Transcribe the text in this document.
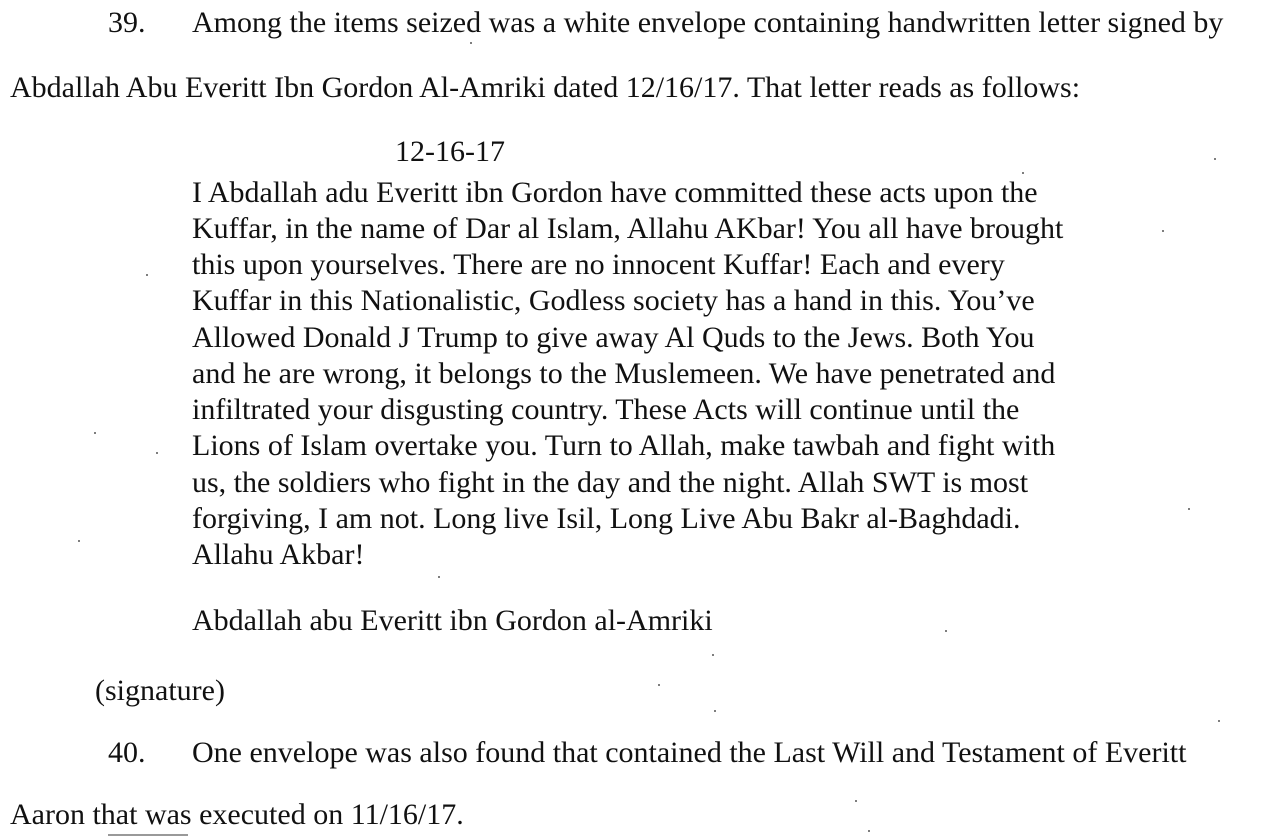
39. Among the items seized was a white envelope containing handwritten letter signed by
Abdallah Abu Everitt Ibn Gordon Al-Amriki dated 12/16/17. That letter reads as follows:
12-16-17
I Abdallah adu Everitt ibn Gordon have committed these acts upon the
Kuffar, in the name of Dar al Islam, Allahu AKbar! You all have brought
this upon yourselves. There are no innocent Kuffar! Each and every
Kuffar in this Nationalistic, Godless society has a hand in this. You’ve
Allowed Donald J Trump to give away Al Quds to the Jews. Both You
and he are wrong, it belongs to the Muslemeen. We have penetrated and
infiltrated your disgusting country. These Acts will continue until the
Lions of Islam overtake you. Turn to Allah, make tawbah and fight with
us, the soldiers who fight in the day and the night. Allah SWT is most
forgiving, I am not. Long live Isil, Long Live Abu Bakr al-Baghdadi.
Allahu Akbar!
Abdallah abu Everitt ibn Gordon al-Amriki
(signature)
40. One envelope was also found that contained the Last Will and Testament of Everitt
Aaron that was executed on 11/16/17.
